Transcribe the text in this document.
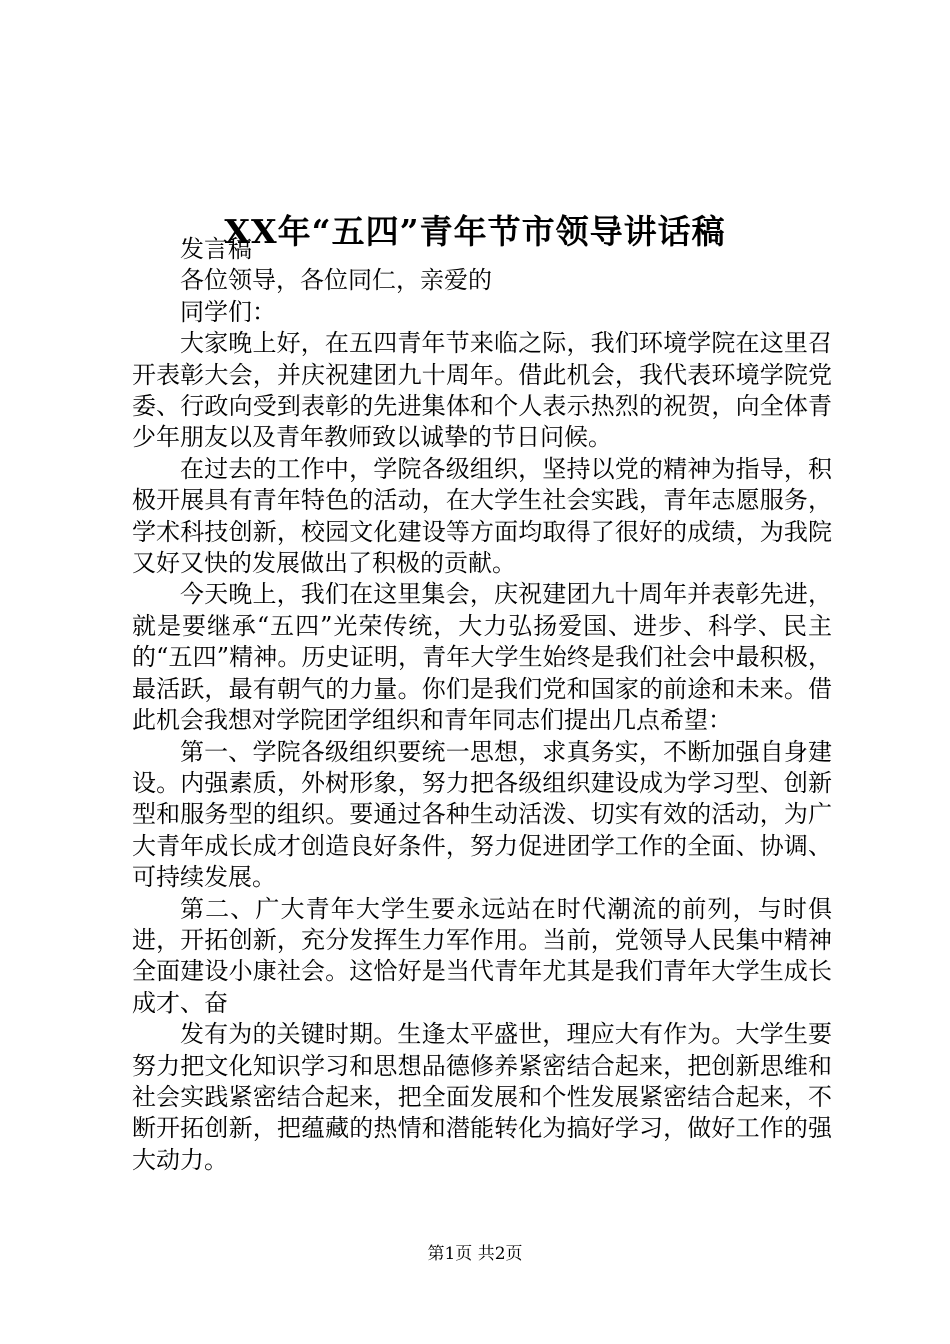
XX年“五四”青年节市领导讲话稿

发言稿

各位领导，各位同仁，亲爱的

同学们：

大家晚上好，在五四青年节来临之际，我们环境学院在这里召开表彰大会，并庆祝建团九十周年。借此机会，我代表环境学院党委、行政向受到表彰的先进集体和个人表示热烈的祝贺，向全体青少年朋友以及青年教师致以诚挚的节日问候。

在过去的工作中，学院各级组织，坚持以党的精神为指导，积极开展具有青年特色的活动，在大学生社会实践，青年志愿服务，学术科技创新，校园文化建设等方面均取得了很好的成绩，为我院又好又快的发展做出了积极的贡献。

今天晚上，我们在这里集会，庆祝建团九十周年并表彰先进，就是要继承“五四”光荣传统，大力弘扬爱国、进步、科学、民主的“五四”精神。历史证明，青年大学生始终是我们社会中最积极，最活跃，最有朝气的力量。你们是我们党和国家的前途和未来。借此机会我想对学院团学组织和青年同志们提出几点希望：

第一、学院各级组织要统一思想，求真务实，不断加强自身建设。内强素质，外树形象，努力把各级组织建设成为学习型、创新型和服务型的组织。要通过各种生动活泼、切实有效的活动，为广大青年成长成才创造良好条件，努力促进团学工作的全面、协调、可持续发展。

第二、广大青年大学生要永远站在时代潮流的前列，与时俱进，开拓创新，充分发挥生力军作用。当前，党领导人民集中精神全面建设小康社会。这恰好是当代青年尤其是我们青年大学生成长成才、奋

发有为的关键时期。生逢太平盛世，理应大有作为。大学生要努力把文化知识学习和思想品德修养紧密结合起来，把创新思维和社会实践紧密结合起来，把全面发展和个性发展紧密结合起来，不断开拓创新，把蕴藏的热情和潜能转化为搞好学习，做好工作的强大动力。

第1页 共2页
